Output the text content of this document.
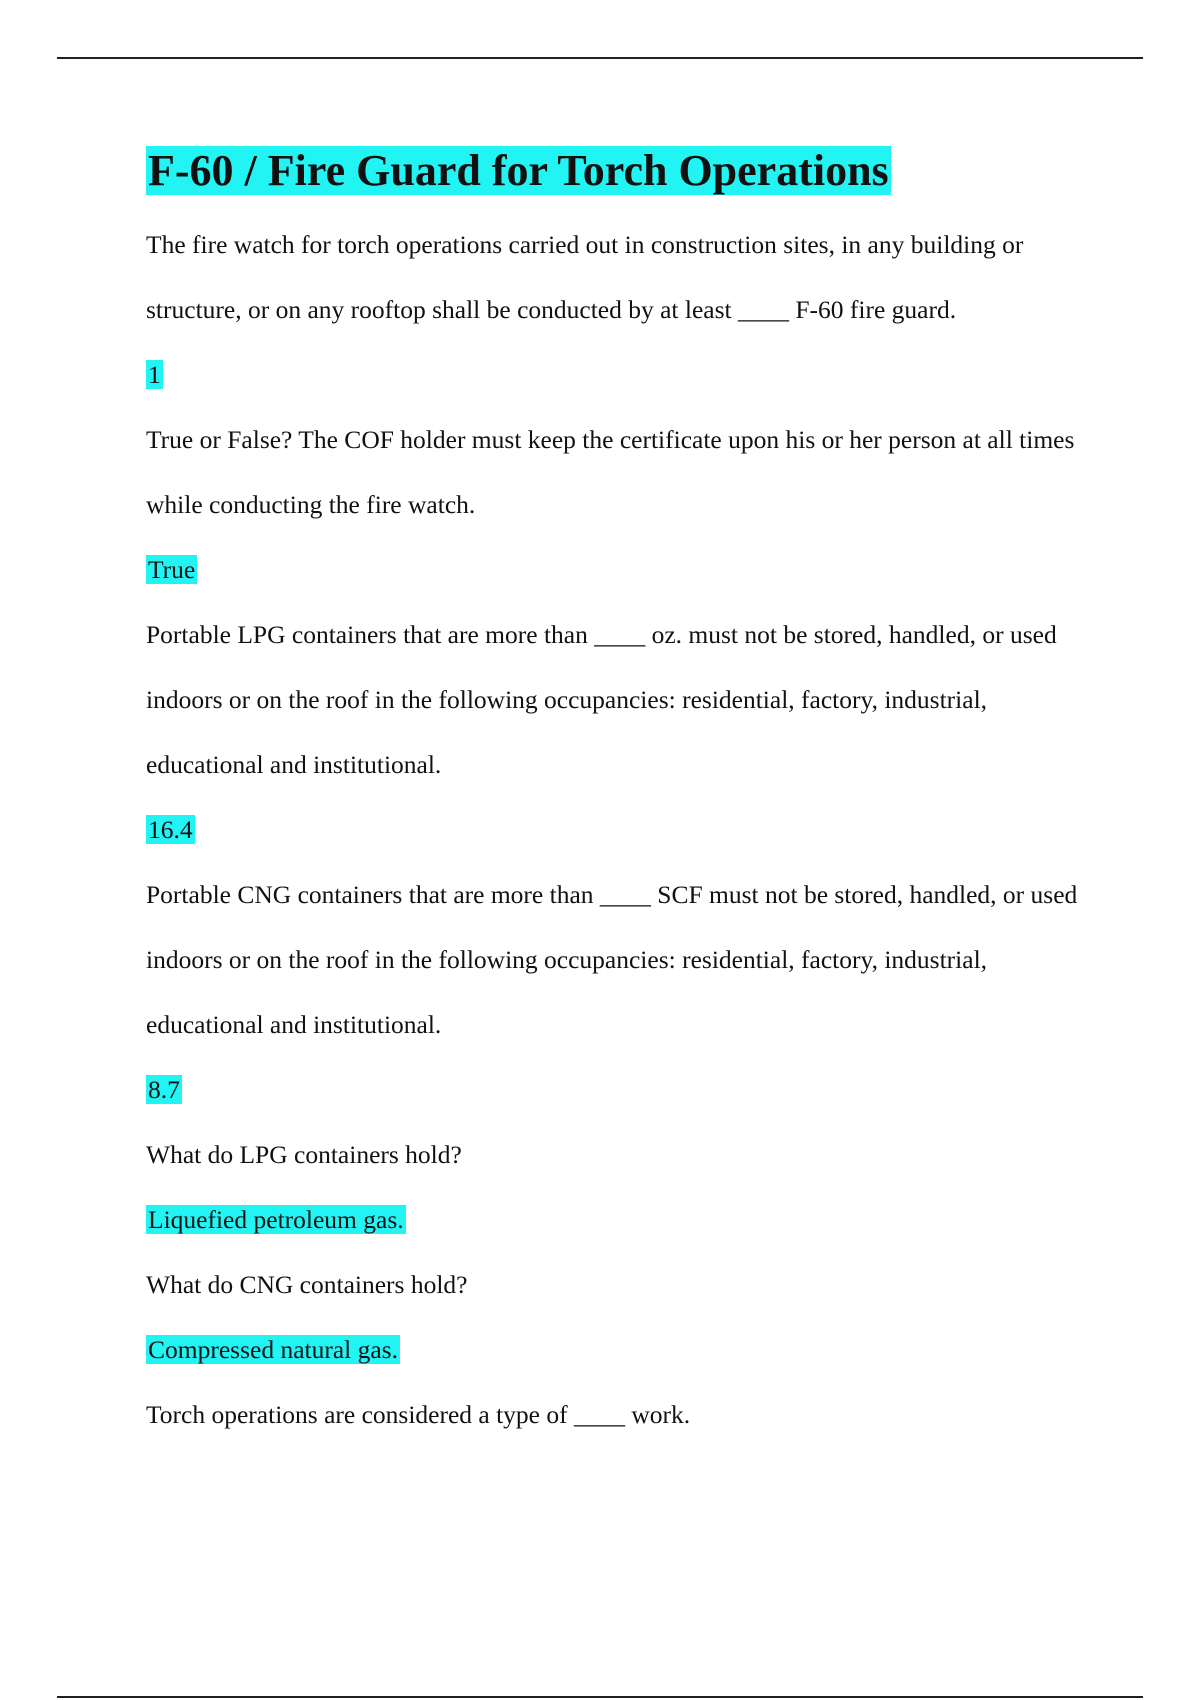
F-60 / Fire Guard for Torch Operations

The fire watch for torch operations carried out in construction sites, in any building or structure, or on any rooftop shall be conducted by at least ____ F-60 fire guard.

1

True or False? The COF holder must keep the certificate upon his or her person at all times while conducting the fire watch.

True

Portable LPG containers that are more than ____ oz. must not be stored, handled, or used indoors or on the roof in the following occupancies: residential, factory, industrial, educational and institutional.

16.4

Portable CNG containers that are more than ____ SCF must not be stored, handled, or used indoors or on the roof in the following occupancies: residential, factory, industrial, educational and institutional.

8.7

What do LPG containers hold?

Liquefied petroleum gas.

What do CNG containers hold?

Compressed natural gas.

Torch operations are considered a type of ____ work.
